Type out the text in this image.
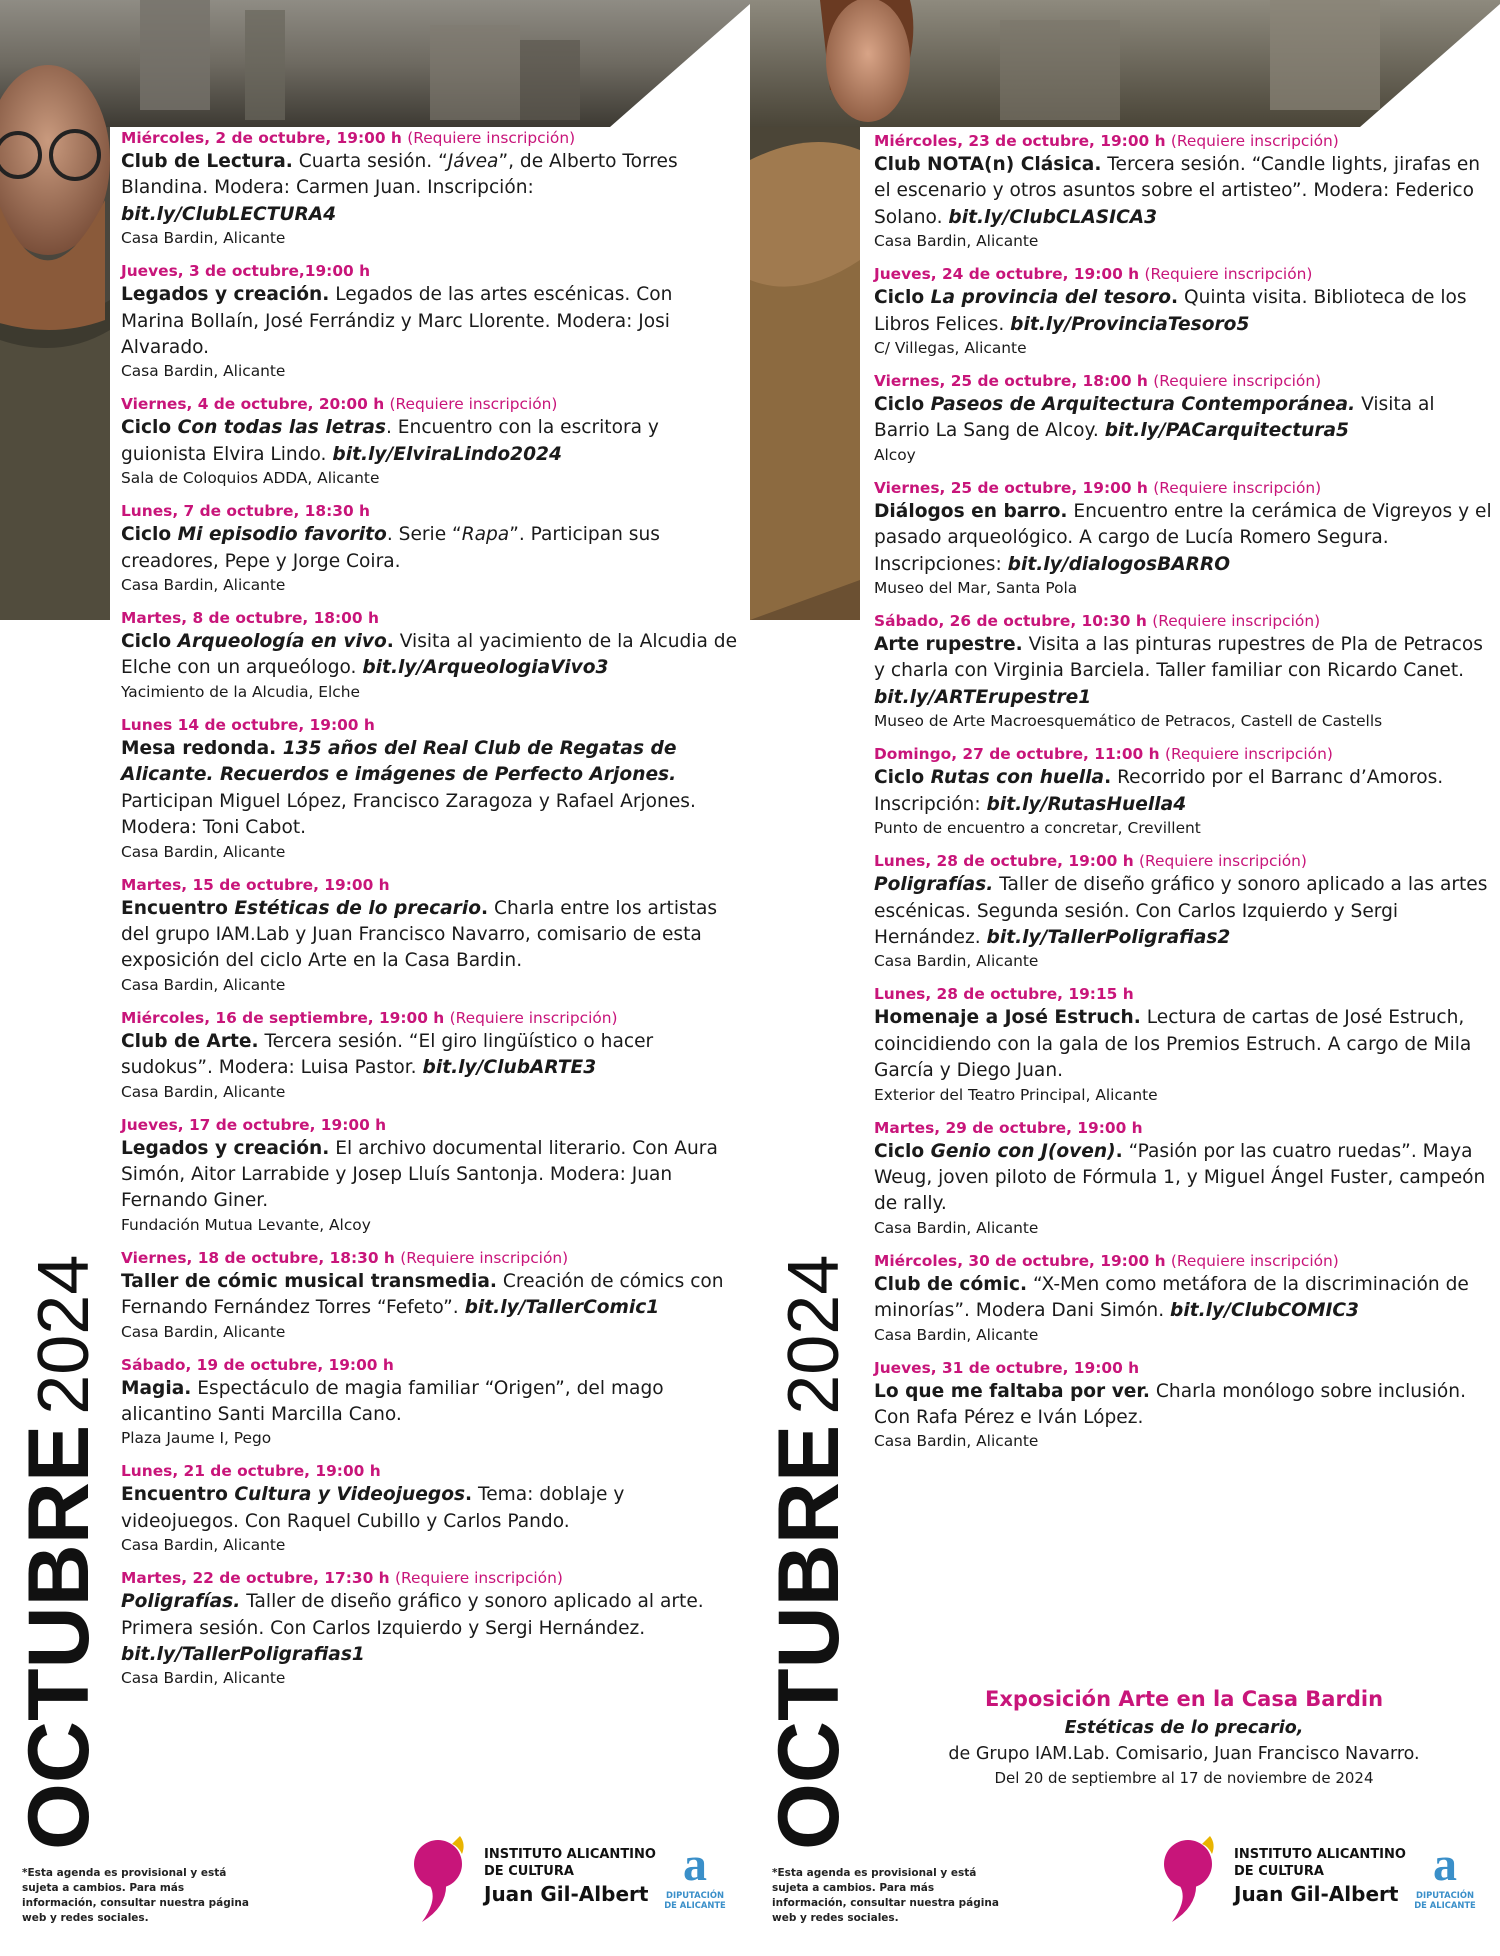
OCTUBRE2024
Miércoles, 2 de octubre, 19:00 h (Requiere inscripción)
Club de Lectura. Cuarta sesión. “Jávea”, de Alberto Torres Blandina. Modera: Carmen Juan. Inscripción: bit.ly/ClubLECTURA4
Casa Bardin, Alicante
Jueves, 3 de octubre,19:00 h
Legados y creación. Legados de las artes escénicas. Con Marina Bollaín, José Ferrándiz y Marc Llorente. Modera: Josi Alvarado.
Casa Bardin, Alicante
Viernes, 4 de octubre, 20:00 h (Requiere inscripción)
Ciclo Con todas las letras. Encuentro con la escritora y guionista Elvira Lindo. bit.ly/ElviraLindo2024
Sala de Coloquios ADDA, Alicante
Lunes, 7 de octubre, 18:30 h
Ciclo Mi episodio favorito. Serie “Rapa”. Participan sus creadores, Pepe y Jorge Coira.
Casa Bardin, Alicante
Martes, 8 de octubre, 18:00 h
Ciclo Arqueología en vivo. Visita al yacimiento de la Alcudia de Elche con un arqueólogo. bit.ly/ArqueologiaVivo3
Yacimiento de la Alcudia, Elche
Lunes 14 de octubre, 19:00 h
Mesa redonda. 135 años del Real Club de Regatas de Alicante. Recuerdos e imágenes de Perfecto Arjones. Participan Miguel López, Francisco Zaragoza y Rafael Arjones. Modera: Toni Cabot.
Casa Bardin, Alicante
Martes, 15 de octubre, 19:00 h
Encuentro Estéticas de lo precario. Charla entre los artistas del grupo IAM.Lab y Juan Francisco Navarro, comisario de esta exposición del ciclo Arte en la Casa Bardin.
Casa Bardin, Alicante
Miércoles, 16 de septiembre, 19:00 h (Requiere inscripción)
Club de Arte. Tercera sesión. “El giro lingüístico o hacer sudokus”. Modera: Luisa Pastor. bit.ly/ClubARTE3
Casa Bardin, Alicante
Jueves, 17 de octubre, 19:00 h
Legados y creación. El archivo documental literario. Con Aura Simón, Aitor Larrabide y Josep Lluís Santonja. Modera: Juan Fernando Giner.
Fundación Mutua Levante, Alcoy
Viernes, 18 de octubre, 18:30 h (Requiere inscripción)
Taller de cómic musical transmedia. Creación de cómics con Fernando Fernández Torres “Fefeto”. bit.ly/TallerComic1
Casa Bardin, Alicante
Sábado, 19 de octubre, 19:00 h
Magia. Espectáculo de magia familiar “Origen”, del mago alicantino Santi Marcilla Cano.
Plaza Jaume I, Pego
Lunes, 21 de octubre, 19:00 h
Encuentro Cultura y Videojuegos. Tema: doblaje y videojuegos. Con Raquel Cubillo y Carlos Pando.
Casa Bardin, Alicante
Martes, 22 de octubre, 17:30 h (Requiere inscripción)
Poligrafías. Taller de diseño gráfico y sonoro aplicado al arte. Primera sesión. Con Carlos Izquierdo y Sergi Hernández. bit.ly/TallerPoligrafias1
Casa Bardin, Alicante
*Esta agenda es provisional y está sujeta a cambios. Para más información, consultar nuestra página web y redes sociales.
INSTITUTO ALICANTINO
DE CULTURA
Juan Gil-Albert
a
DIPUTACIÓN
DE ALICANTE
OCTUBRE2024
Miércoles, 23 de octubre, 19:00 h (Requiere inscripción)
Club NOTA(n) Clásica. Tercera sesión. “Candle lights, jirafas en el escenario y otros asuntos sobre el artisteo”. Modera: Federico Solano. bit.ly/ClubCLASICA3
Casa Bardin, Alicante
Jueves, 24 de octubre, 19:00 h (Requiere inscripción)
Ciclo La provincia del tesoro. Quinta visita. Biblioteca de los Libros Felices. bit.ly/ProvinciaTesoro5
C/ Villegas, Alicante
Viernes, 25 de octubre, 18:00 h (Requiere inscripción)
Ciclo Paseos de Arquitectura Contemporánea. Visita al Barrio La Sang de Alcoy. bit.ly/PACarquitectura5
Alcoy
Viernes, 25 de octubre, 19:00 h (Requiere inscripción)
Diálogos en barro. Encuentro entre la cerámica de Vigreyos y el pasado arqueológico. A cargo de Lucía Romero Segura. Inscripciones: bit.ly/dialogosBARRO
Museo del Mar, Santa Pola
Sábado, 26 de octubre, 10:30 h (Requiere inscripción)
Arte rupestre. Visita a las pinturas rupestres de Pla de Petracos y charla con Virginia Barciela. Taller familiar con Ricardo Canet. bit.ly/ARTErupestre1
Museo de Arte Macroesquemático de Petracos, Castell de Castells
Domingo, 27 de octubre, 11:00 h (Requiere inscripción)
Ciclo Rutas con huella. Recorrido por el Barranc d’Amoros. Inscripción: bit.ly/RutasHuella4
Punto de encuentro a concretar, Crevillent
Lunes, 28 de octubre, 19:00 h (Requiere inscripción)
Poligrafías. Taller de diseño gráfico y sonoro aplicado a las artes escénicas. Segunda sesión. Con Carlos Izquierdo y Sergi Hernández. bit.ly/TallerPoligrafias2
Casa Bardin, Alicante
Lunes, 28 de octubre, 19:15 h
Homenaje a José Estruch. Lectura de cartas de José Estruch, coincidiendo con la gala de los Premios Estruch. A cargo de Mila García y Diego Juan.
Exterior del Teatro Principal, Alicante
Martes, 29 de octubre, 19:00 h
Ciclo Genio con J(oven). “Pasión por las cuatro ruedas”. Maya Weug, joven piloto de Fórmula 1, y Miguel Ángel Fuster, campeón de rally.
Casa Bardin, Alicante
Miércoles, 30 de octubre, 19:00 h (Requiere inscripción)
Club de cómic. “X-Men como metáfora de la discriminación de minorías”. Modera Dani Simón. bit.ly/ClubCOMIC3
Casa Bardin, Alicante
Jueves, 31 de octubre, 19:00 h
Lo que me faltaba por ver. Charla monólogo sobre inclusión. Con Rafa Pérez e Iván López.
Casa Bardin, Alicante
Exposición Arte en la Casa Bardin
Estéticas de lo precario,
de Grupo IAM.Lab. Comisario, Juan Francisco Navarro.
Del 20 de septiembre al 17 de noviembre de 2024
*Esta agenda es provisional y está sujeta a cambios. Para más información, consultar nuestra página web y redes sociales.
INSTITUTO ALICANTINO
DE CULTURA
Juan Gil-Albert
a
DIPUTACIÓN
DE ALICANTE
